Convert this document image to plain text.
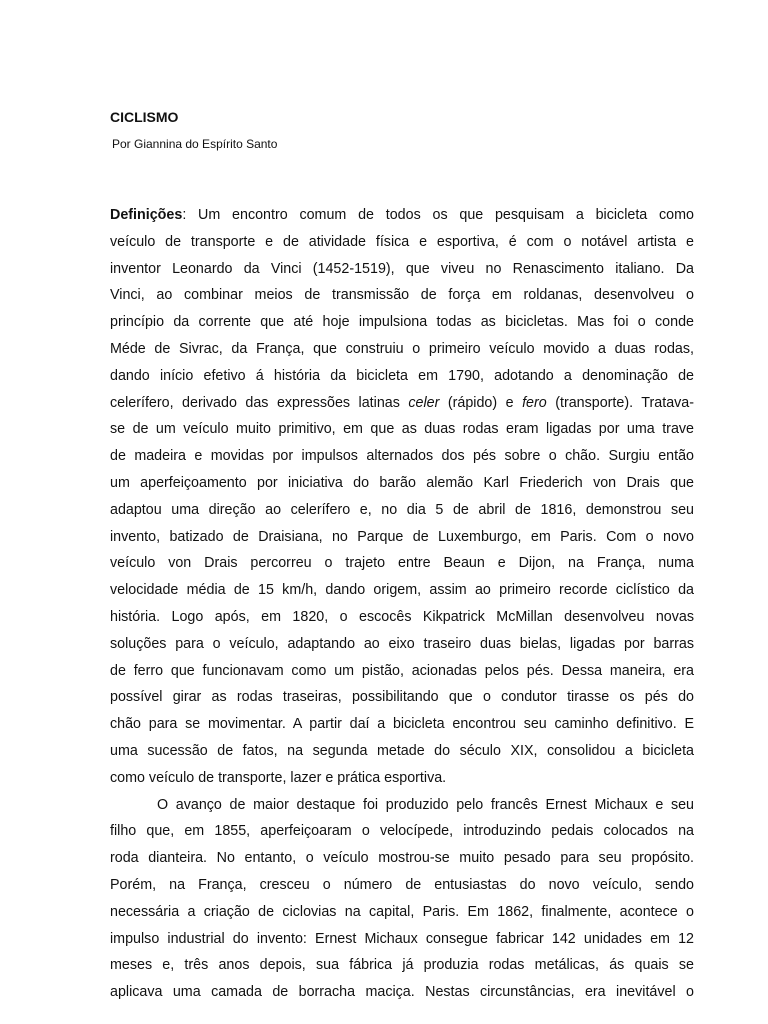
CICLISMO
Por Giannina do Espírito Santo

Definições: Um encontro comum de todos os que pesquisam a bicicleta como
veículo de transporte e de atividade física e esportiva, é com o notável artista e
inventor Leonardo da Vinci (1452-1519), que viveu no Renascimento italiano. Da
Vinci, ao combinar meios de transmissão de força em roldanas, desenvolveu o
princípio da corrente que até hoje impulsiona todas as bicicletas. Mas foi o conde
Méde de Sivrac, da França, que construiu o primeiro veículo movido a duas rodas,
dando início efetivo á história da bicicleta em 1790, adotando a denominação de
celerífero, derivado das expressões latinas celer (rápido) e fero (transporte). Tratava-
se de um veículo muito primitivo, em que as duas rodas eram ligadas por uma trave
de madeira e movidas por impulsos alternados dos pés sobre o chão. Surgiu então
um aperfeiçoamento por iniciativa do barão alemão Karl Friederich von Drais que
adaptou uma direção ao celerífero e, no dia 5 de abril de 1816, demonstrou seu
invento, batizado de Draisiana, no Parque de Luxemburgo, em Paris. Com o novo
veículo von Drais percorreu o trajeto entre Beaun e Dijon, na França, numa
velocidade média de 15 km/h, dando origem, assim ao primeiro recorde ciclístico da
história. Logo após, em 1820, o escocês Kikpatrick McMillan desenvolveu novas
soluções para o veículo, adaptando ao eixo traseiro duas bielas, ligadas por barras
de ferro que funcionavam como um pistão, acionadas pelos pés. Dessa maneira, era
possível girar as rodas traseiras, possibilitando que o condutor tirasse os pés do
chão para se movimentar. A partir daí a bicicleta encontrou seu caminho definitivo. E
uma sucessão de fatos, na segunda metade do século XIX, consolidou a bicicleta
como veículo de transporte, lazer e prática esportiva.

O avanço de maior destaque foi produzido pelo francês Ernest Michaux e seu
filho que, em 1855, aperfeiçoaram o velocípede, introduzindo pedais colocados na
roda dianteira. No entanto, o veículo mostrou-se muito pesado para seu propósito.
Porém, na França, cresceu o número de entusiastas do novo veículo, sendo
necessária a criação de ciclovias na capital, Paris. Em 1862, finalmente, acontece o
impulso industrial do invento: Ernest Michaux consegue fabricar 142 unidades em 12
meses e, três anos depois, sua fábrica já produzia rodas metálicas, ás quais se
aplicava uma camada de borracha maciça. Nestas circunstâncias, era inevitável o
